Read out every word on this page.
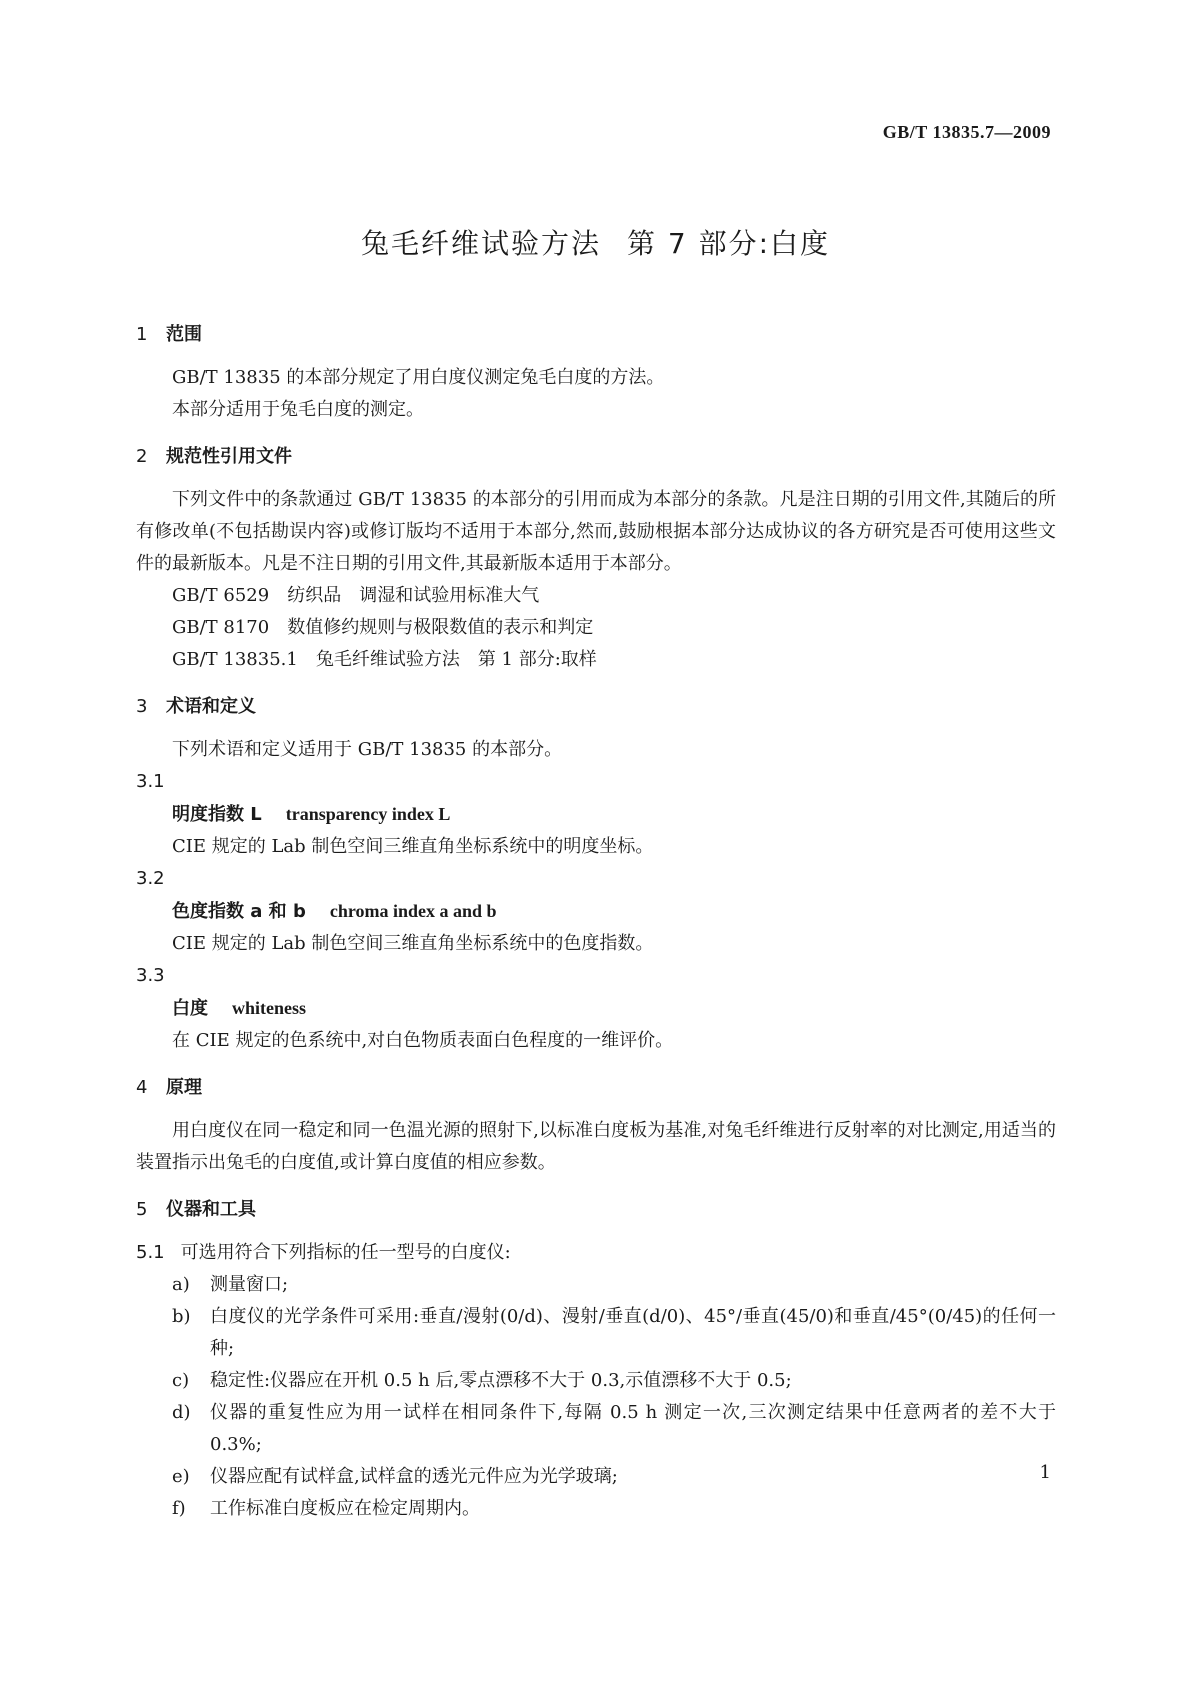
GB/T 13835.7—2009
兔毛纤维试验方法 第 7 部分:白度
1 范围
GB/T 13835 的本部分规定了用白度仪测定兔毛白度的方法。
本部分适用于兔毛白度的测定。
2 规范性引用文件
下列文件中的条款通过 GB/T 13835 的本部分的引用而成为本部分的条款。凡是注日期的引用文件,其随后的所有修改单(不包括勘误内容)或修订版均不适用于本部分,然而,鼓励根据本部分达成协议的各方研究是否可使用这些文件的最新版本。凡是不注日期的引用文件,其最新版本适用于本部分。
GB/T 6529　纺织品　调湿和试验用标准大气
GB/T 8170　数值修约规则与极限数值的表示和判定
GB/T 13835.1　兔毛纤维试验方法　第 1 部分:取样
3 术语和定义
下列术语和定义适用于 GB/T 13835 的本部分。
3.1
明度指数 L transparency index L
CIE 规定的 Lab 制色空间三维直角坐标系统中的明度坐标。
3.2
色度指数 a 和 b chroma index a and b
CIE 规定的 Lab 制色空间三维直角坐标系统中的色度指数。
3.3
白度 whiteness
在 CIE 规定的色系统中,对白色物质表面白色程度的一维评价。
4 原理
用白度仪在同一稳定和同一色温光源的照射下,以标准白度板为基准,对兔毛纤维进行反射率的对比测定,用适当的装置指示出兔毛的白度值,或计算白度值的相应参数。
5 仪器和工具
5.1 可选用符合下列指标的任一型号的白度仪:
a)	测量窗口;
b)	白度仪的光学条件可采用:垂直/漫射(0/d)、漫射/垂直(d/0)、45°/垂直(45/0)和垂直/45°(0/45)的任何一种;
c)	稳定性:仪器应在开机 0.5 h 后,零点漂移不大于 0.3,示值漂移不大于 0.5;
d)	仪器的重复性应为用一试样在相同条件下,每隔 0.5 h 测定一次,三次测定结果中任意两者的差不大于 0.3%;
e)	仪器应配有试样盒,试样盒的透光元件应为光学玻璃;
f)	工作标准白度板应在检定周期内。
1
